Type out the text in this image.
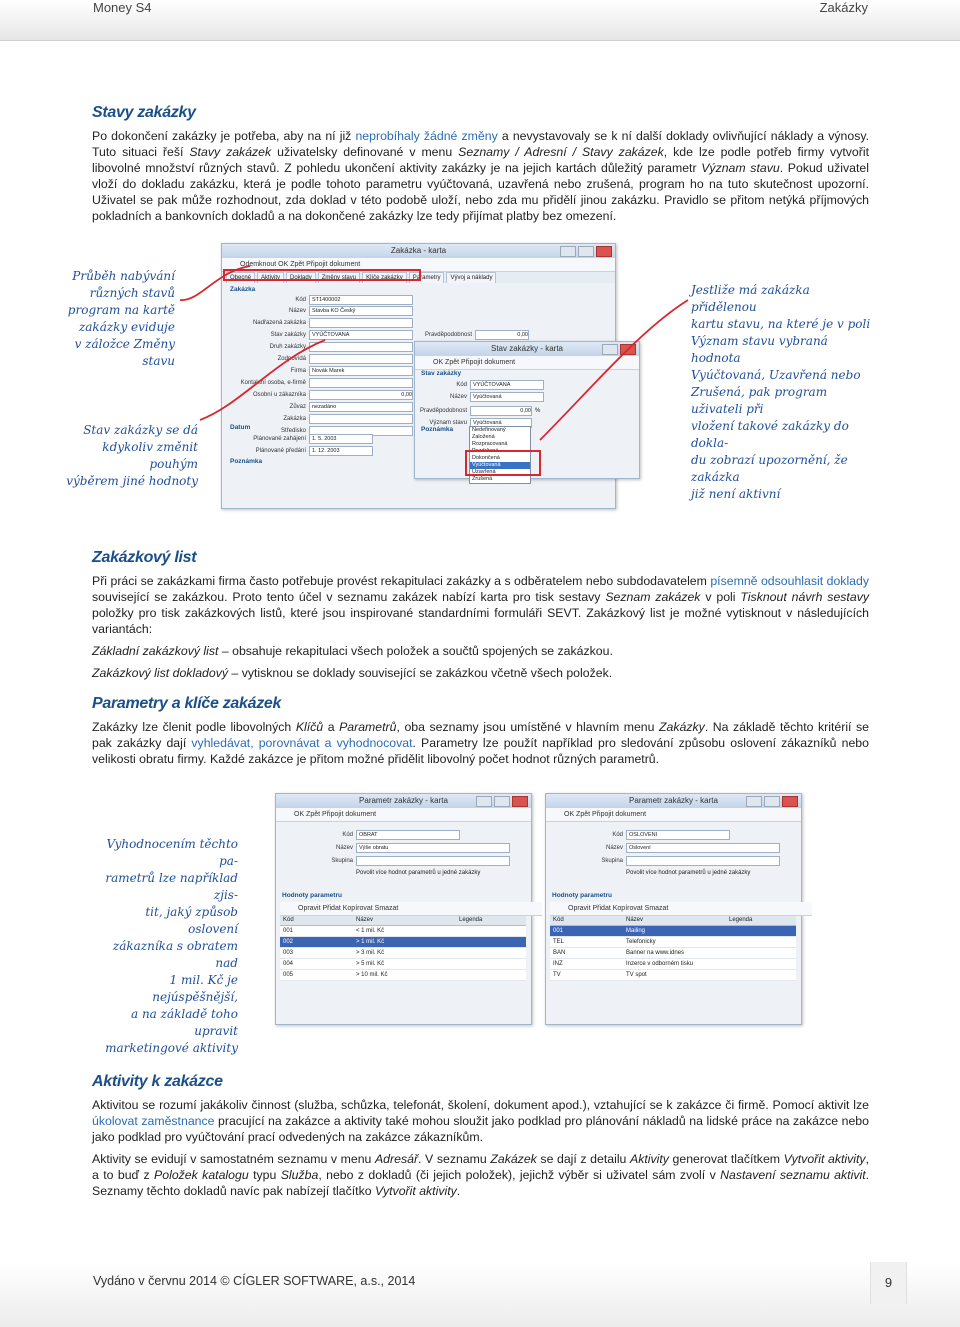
Money S4	Zakázky
Stavy zakázky

Po dokončení zakázky je potřeba, aby na ní již neprobíhaly žádné změny a nevystavovaly se k ní další doklady ovlivňující náklady a výnosy. Tuto situaci řeší Stavy zakázek uživatelsky definované v menu Seznamy / Adresní / Stavy zakázek, kde lze podle potřeb firmy vytvořit libovolné množství různých stavů. Z pohledu ukončení aktivity zakázky je na jejich kartách důležitý parametr Význam stavu. Pokud uživatel vloží do dokladu zakázku, která je podle tohoto parametru vyúčtovaná, uzavřená nebo zrušená, program ho na tuto skutečnost upozorní. Uživatel se pak může rozhodnout, zda doklad v této podobě uloží, nebo zda mu přidělí jinou zakázku. Pravidlo se přitom netýká příjmových pokladních a bankovních dokladů a na dokončené zakázky lze tedy přijímat platby bez omezení.

Průběh nabývání
různých stavů
program na kartě
zakázky eviduje
v záložce Změny
stavu
Stav zakázky se dá
kdykoliv změnit pouhým
výběrem jiné hodnoty
Jestliže má zakázka přidělenou
kartu stavu, na které je v poli
Význam stavu vybraná hodnota
Vyúčtovaná, Uzavřená nebo
Zrušená, pak program uživateli při
vložení takové zakázky do dokla-
du zobrazí upozornění, že zakázka
již není aktivní
Zakázka - karta
Odemknout OK Zpět Připojit dokument
Obecné	Aktivity	Doklady	Změny stavu	Klíče zakázky	Parametry	Vývoj a náklady
Zakázka
Kód	ST1400002
Název	Stavba KO Český
Nadřazená zakázka
Stav zakázky	VYÚČTOVANA
Druh zakázky
Zodpovídá
Firma	Novák Marek
Kontaktní osoba, e-firmě
Osobní u zákazníka	0,00
Zůvaz	nezadáno
Zakázka
Středisko
Pravděpodobnost	0,00
Datum
Plánované zahájení	1. 5. 2003
Plánované předání	1. 12. 2003
Poznámka
Stav zakázky - karta
OK Zpět Připojit dokument
Stav zakázky
Kód	VYÚČTOVANA
Název	Vyúčtovaná
Pravděpodobnost	0,00 %
Význam stavu	Vyúčtovaná
Poznámka	Nedefinovaný
Založená
Rozpracovaná
Pozdržená
Dokončená
Vyúčtovaná
Uzavřená
Zrušená
Zakázkový list

Při práci se zakázkami firma často potřebuje provést rekapitulaci zakázky a s odběratelem nebo subdodavatelem písemně odsouhlasit doklady související se zakázkou. Proto tento účel v seznamu zakázek nabízí karta pro tisk sestavy Seznam zakázek v poli Tisknout návrh sestavy položky pro tisk zakázkových listů, které jsou inspirované standardními formuláři SEVT. Zakázkový list je možné vytisknout v následujících variantách:

Základní zakázkový list – obsahuje rekapitulaci všech položek a součtů spojených se zakázkou.

Zakázkový list dokladový – vytisknou se doklady související se zakázkou včetně všech položek.

Parametry a klíče zakázek

Zakázky lze členit podle libovolných Klíčů a Parametrů, oba seznamy jsou umístěné v hlavním menu Zakázky. Na základě těchto kritérií se pak zakázky dají vyhledávat, porovnávat a vyhodnocovat. Parametry lze použít například pro sledování způsobu oslovení zákazníků nebo velikosti obratu firmy. Každé zakázce je přitom možné přidělit libovolný počet hodnot různých parametrů.

Vyhodnocením těchto pa-
rametrů lze například zjis-
tit, jaký způsob oslovení
zákazníka s obratem nad
1 mil. Kč je nejúspěšnější,
a na základě toho upravit
marketingové aktivity
Parametr zakázky - karta
OK Zpět Připojit dokument
Kód	OBRAT
Název	Výše obratu
Skupina
Povolit více hodnot parametrů u jedné zakázky
Hodnoty parametru
Opravit Přidat Kopírovat Smazat
Kód	Název	Legenda
001	< 1 mil. Kč
002	> 1 mil. Kč
003	> 3 mil. Kč
004	> 5 mil. Kč
005	> 10 mil. Kč
Parametr zakázky - karta
OK Zpět Připojit dokument
Kód	OSLOVENI
Název	Oslovení
Skupina
Povolit více hodnot parametrů u jedné zakázky
Hodnoty parametru
Opravit Přidat Kopírovat Smazat
Kód	Název	Legenda
001	Mailing
TEL	Telefonicky
BAN	Banner na www.idnes
INZ	Inzerce v odborném tisku
TV	TV spot
Aktivity k zakázce

Aktivitou se rozumí jakákoliv činnost (služba, schůzka, telefonát, školení, dokument apod.), vztahující se k zakázce či firmě. Pomocí aktivit lze úkolovat zaměstnance pracující na zakázce a aktivity také mohou sloužit jako podklad pro plánování nákladů na lidské práce na zakázce nebo jako podklad pro vyúčtování prací odvedených na zakázce zákazníkům.

Aktivity se evidují v samostatném seznamu v menu Adresář. V seznamu Zakázek se dají z detailu Aktivity generovat tlačítkem Vytvořit aktivity, a to buď z Položek katalogu typu Služba, nebo z dokladů (či jejich položek), jejichž výběr si uživatel sám zvolí v Nastavení seznamu aktivit. Seznamy těchto dokladů navíc pak nabízejí tlačítko Vytvořit aktivity.

Vydáno v červnu 2014 © CÍGLER SOFTWARE, a.s., 2014	9
